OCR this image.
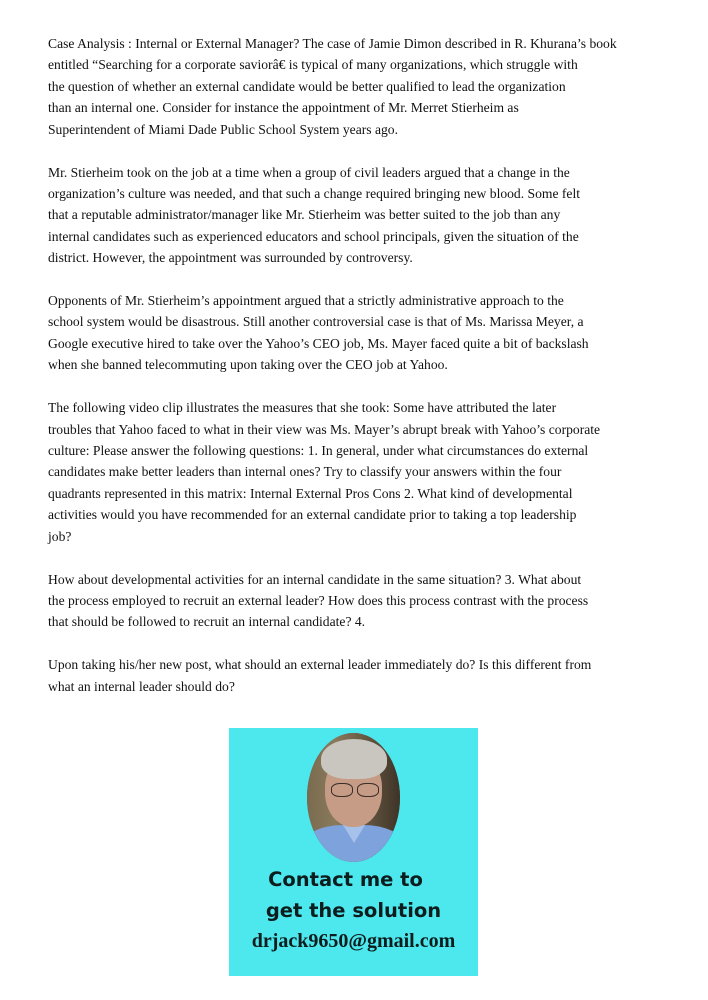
Case Analysis : Internal or External Manager? The case of Jamie Dimon described in R. Khurana’s book
entitled “Searching for a corporate saviorâ€ is typical of many organizations, which struggle with
the question of whether an external candidate would be better qualified to lead the organization
than an internal one. Consider for instance the appointment of Mr. Merret Stierheim as
Superintendent of Miami Dade Public School System years ago.

Mr. Stierheim took on the job at a time when a group of civil leaders argued that a change in the
organization’s culture was needed, and that such a change required bringing new blood. Some felt
that a reputable administrator/manager like Mr. Stierheim was better suited to the job than any
internal candidates such as experienced educators and school principals, given the situation of the
district. However, the appointment was surrounded by controversy.

Opponents of Mr. Stierheim’s appointment argued that a strictly administrative approach to the
school system would be disastrous. Still another controversial case is that of Ms. Marissa Meyer, a
Google executive hired to take over the Yahoo’s CEO job, Ms. Mayer faced quite a bit of backslash
when she banned telecommuting upon taking over the CEO job at Yahoo.

The following video clip illustrates the measures that she took: Some have attributed the later
troubles that Yahoo faced to what in their view was Ms. Mayer’s abrupt break with Yahoo’s corporate
culture: Please answer the following questions: 1. In general, under what circumstances do external
candidates make better leaders than internal ones? Try to classify your answers within the four
quadrants represented in this matrix: Internal External Pros Cons 2. What kind of developmental
activities would you have recommended for an external candidate prior to taking a top leadership
job?

How about developmental activities for an internal candidate in the same situation? 3. What about
the process employed to recruit an external leader? How does this process contrast with the process
that should be followed to recruit an internal candidate? 4.

Upon taking his/her new post, what should an external leader immediately do? Is this different from
what an internal leader should do?

Contact me to
get the solution
drjack9650@gmail.com
